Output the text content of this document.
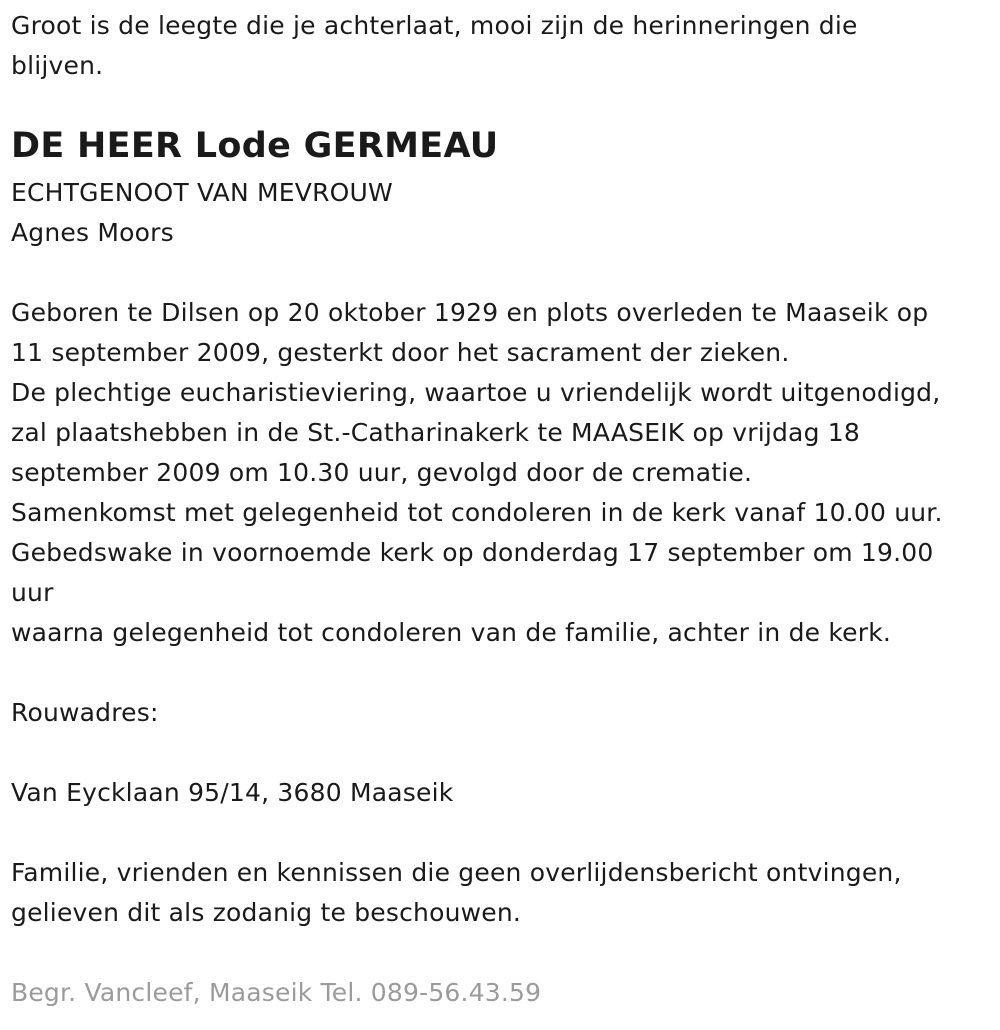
Groot is de leegte die je achterlaat, mooi zijn de herinneringen die
blijven.
DE HEER Lode GERMEAU
ECHTGENOOT VAN MEVROUW
Agnes Moors
Geboren te Dilsen op 20 oktober 1929 en plots overleden te Maaseik op
11 september 2009, gesterkt door het sacrament der zieken.
De plechtige eucharistieviering, waartoe u vriendelijk wordt uitgenodigd,
zal plaatshebben in de St.-Catharinakerk te MAASEIK op vrijdag 18
september 2009 om 10.30 uur, gevolgd door de crematie.
Samenkomst met gelegenheid tot condoleren in de kerk vanaf 10.00 uur.
Gebedswake in voornoemde kerk op donderdag 17 september om 19.00
uur
waarna gelegenheid tot condoleren van de familie, achter in de kerk.
Rouwadres:
Van Eycklaan 95/14, 3680 Maaseik
Familie, vrienden en kennissen die geen overlijdensbericht ontvingen,
gelieven dit als zodanig te beschouwen.
Begr. Vancleef, Maaseik Tel. 089-56.43.59
